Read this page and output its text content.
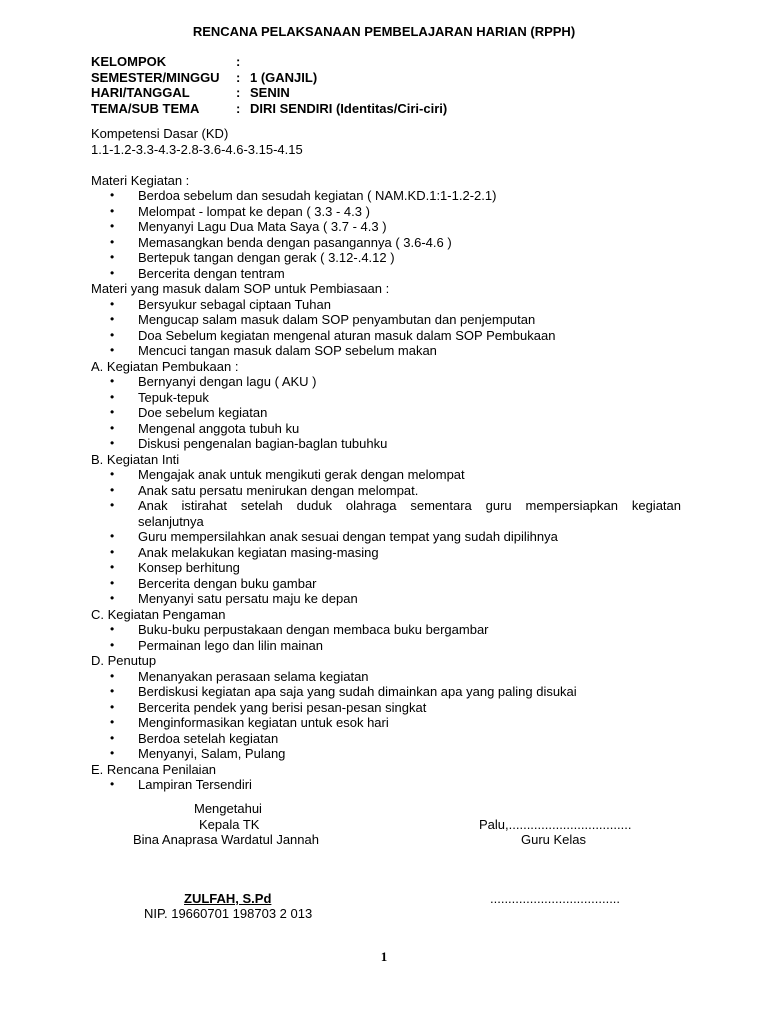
RENCANA PELAKSANAAN PEMBELAJARAN HARIAN (RPPH)
KELOMPOK	:
SEMESTER/MINGGU : 1 (GANJIL)
HARI/TANGGAL	: SENIN
TEMA/SUB TEMA	: DIRI SENDIRI (Identitas/Ciri-ciri)
Kompetensi Dasar (KD)
1.1-1.2-3.3-4.3-2.8-3.6-4.6-3.15-4.15
Materi Kegiatan :
• Berdoa sebelum dan sesudah kegiatan ( NAM.KD.1:1-1.2-2.1)
• Melompat - lompat ke depan ( 3.3 - 4.3 )
• Menyanyi Lagu Dua Mata Saya ( 3.7 - 4.3 )
• Memasangkan benda dengan pasangannya ( 3.6-4.6 )
• Bertepuk tangan dengan gerak ( 3.12-.4.12 )
• Bercerita dengan tentram
Materi yang masuk dalam SOP untuk Pembiasaan :
• Bersyukur sebagal ciptaan Tuhan
• Mengucap salam masuk dalam SOP penyambutan dan penjemputan
• Doa Sebelum kegiatan mengenal aturan masuk dalam SOP Pembukaan
• Mencuci tangan masuk dalam SOP sebelum makan
A. Kegiatan Pembukaan :
• Bernyanyi dengan lagu ( AKU )
• Tepuk-tepuk
• Doe sebelum kegiatan
• Mengenal anggota tubuh ku
• Diskusi pengenalan bagian-baglan tubuhku
B. Kegiatan Inti
• Mengajak anak untuk mengikuti gerak dengan melompat
• Anak satu persatu menirukan dengan melompat.
• Anak istirahat setelah duduk olahraga sementara guru mempersiapkan kegiatan
selanjutnya
• Guru mempersilahkan anak sesuai dengan tempat yang sudah dipilihnya
• Anak melakukan kegiatan masing-masing
• Konsep berhitung
• Bercerita dengan buku gambar
• Menyanyi satu persatu maju ke depan
C. Kegiatan Pengaman
• Buku-buku perpustakaan dengan membaca buku bergambar
• Permainan lego dan lilin mainan
D. Penutup
• Menanyakan perasaan selama kegiatan
• Berdiskusi kegiatan apa saja yang sudah dimainkan apa yang paling disukai
• Bercerita pendek yang berisi pesan-pesan singkat
• Menginformasikan kegiatan untuk esok hari
• Berdoa setelah kegiatan
• Menyanyi, Salam, Pulang
E. Rencana Penilaian
• Lampiran Tersendiri
Mengetahui
Kepala TK	Palu,..................................
Bina Anaprasa Wardatul Jannah	Guru Kelas
ZULFAH, S.Pd	....................................
NIP. 19660701 198703 2 013
1
